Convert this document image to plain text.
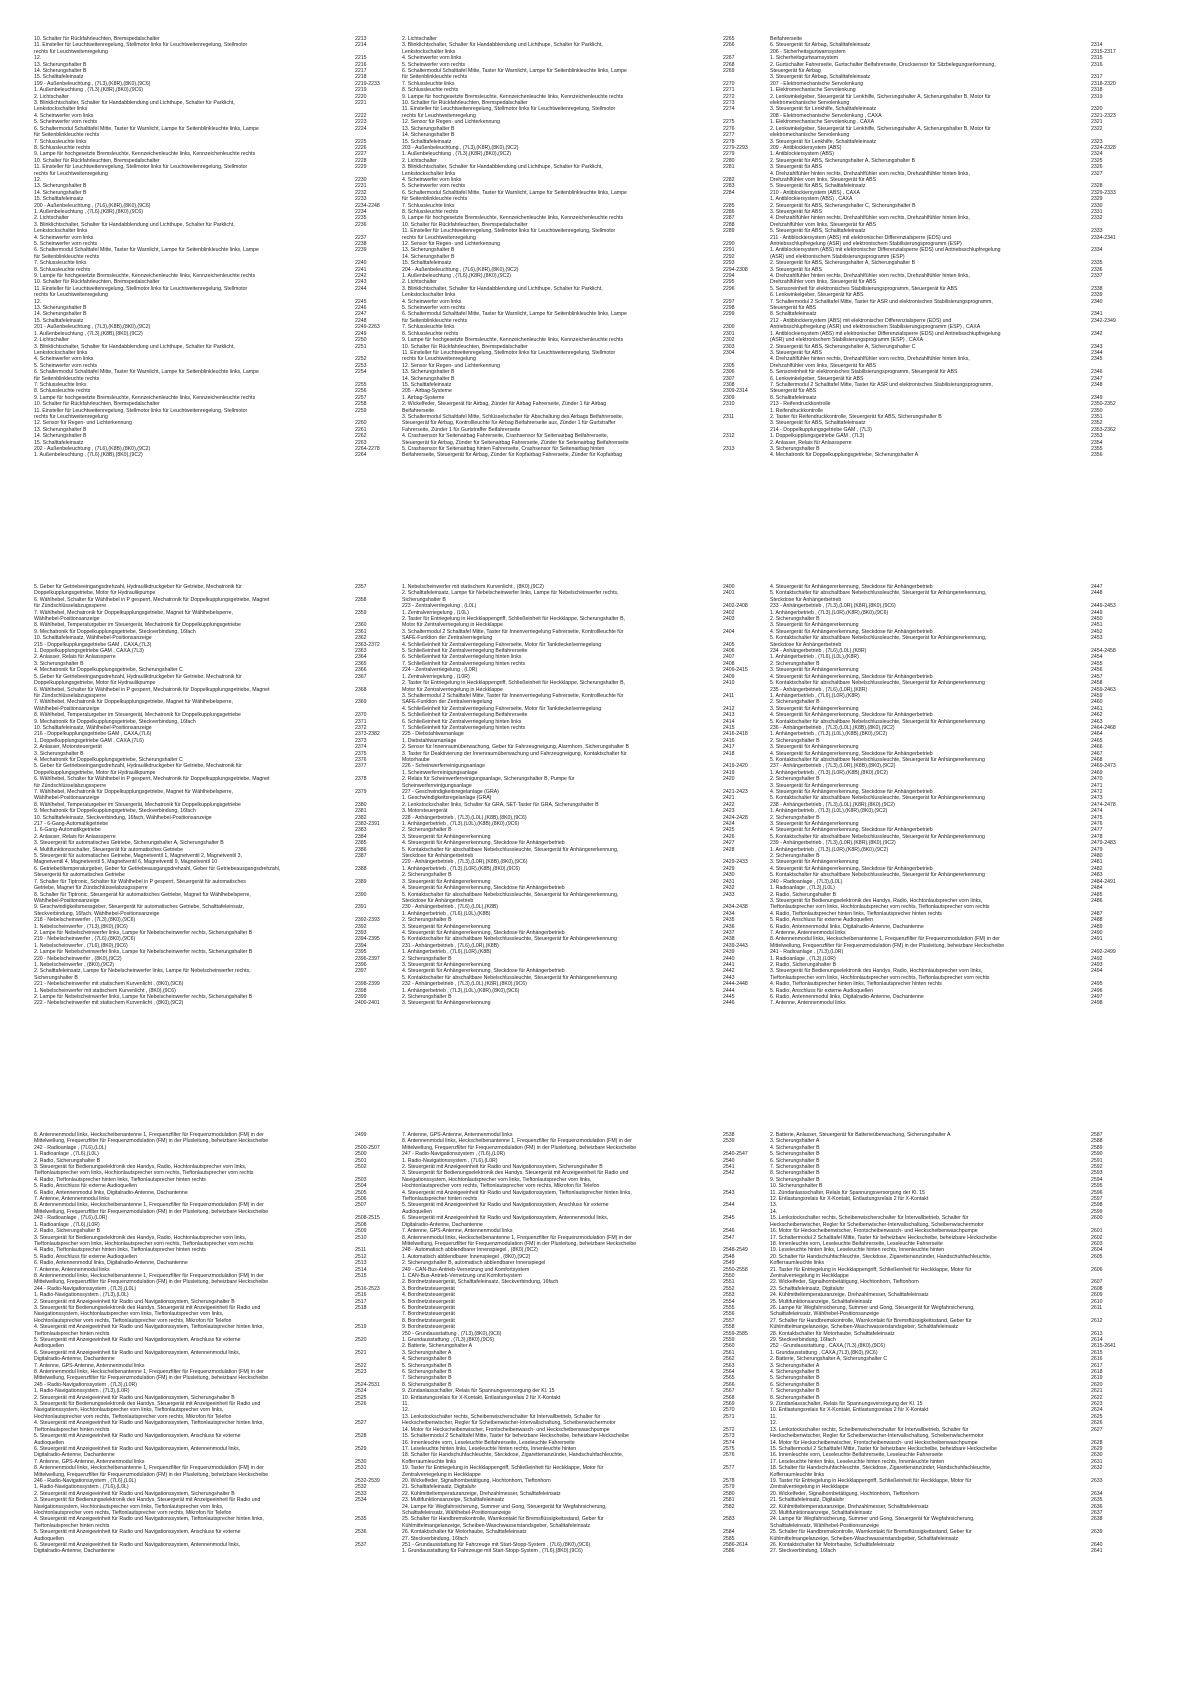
10. Schalter für Rückfahrleuchten, Bremspedalschalter	2213
11. Einsteller für Leuchtweitenregelung, Stellmotor links für Leuchtweitenregelung, Stellmotor	2214
rechts für Leuchtweitenregelung
12.	2215
13. Sicherungshalter B	2216
14. Sicherungshalter B	2217
15. Schalttafeleinsatz	2218
199 - Außenbeleuchtung , (7L3),(K8R),(8K0),(9C6)	2219-2233
1. Außenbeleuchtung , (7L3),(K8R),(8K0),(9C6)	2219
2. Lichtschalter	2220
3. Blinklichtschalter, Schalter für Handabblendung und Lichthupe, Schalter für Parklicht,	2221
Lenkstockschalter links
4. Scheinwerfer vorn links	2222
5. Scheinwerfer vorn rechts	2223
6. Schaltermodul Schalttafel Mitte, Taster für Warnlicht, Lampe für Seitenblinkleuchte links, Lampe	2224
für Seitenblinkleuchte rechts
7. Schlussleuchte links	2225
8. Schlussleuchte rechts	2226
9. Lampe für hochgesetzte Bremsleuchte, Kennzeichenleuchte links, Kennzeichenleuchte rechts	2227
10. Schalter für Rückfahrleuchten, Bremspedalschalter	2228
11. Einsteller für Leuchtweitenregelung, Stellmotor links für Leuchtweitenregelung, Stellmotor	2229
rechts für Leuchtweitenregelung
12.	2230
13. Sicherungshalter B	2231
14. Sicherungshalter B	2232
15. Schalttafeleinsatz	2233
200 - Außenbeleuchtung , (7L6),(K8R),(8K0),(9C6)	2234-2248
1. Außenbeleuchtung , (7L6),(K8R),(8K0),(9C6)	2234
2. Lichtschalter	2235
3. Blinklichtschalter, Schalter für Handabblendung und Lichthupe, Schalter für Parklicht,	2236
Lenkstockschalter links
4. Scheinwerfer vorn links	2237
5. Scheinwerfer vorn rechts	2238
6. Schaltermodul Schalttafel Mitte, Taster für Warnlicht, Lampe für Seitenblinkleuchte links, Lampe	2239
für Seitenblinkleuchte rechts
7. Schlussleuchte links	2240
8. Schlussleuchte rechts	2241
9. Lampe für hochgesetzte Bremsleuchte, Kennzeichenleuchte links, Kennzeichenleuchte rechts	2242
10. Schalter für Rückfahrleuchten, Bremspedalschalter	2243
11. Einsteller für Leuchtweitenregelung, Stellmotor links für Leuchtweitenregelung, Stellmotor	2244
rechts für Leuchtweitenregelung
12.	2245
13. Sicherungshalter B	2246
14. Sicherungshalter B	2247
15. Schalttafeleinsatz	2248
201 - Außenbeleuchtung , (7L3),(K8B),(8K0),(9C2)	2249-2263
1. Außenbeleuchtung , (7L3),(K8B),(8K0),(9C2)	2249
2. Lichtschalter	2250
3. Blinklichtschalter, Schalter für Handabblendung und Lichthupe, Schalter für Parklicht,	2251
Lenkstockschalter links
4. Scheinwerfer vorn links	2252
5. Scheinwerfer vorn rechts	2253
6. Schaltermodul Schalttafel Mitte, Taster für Warnlicht, Lampe für Seitenblinkleuchte links, Lampe	2254
für Seitenblinkleuchte rechts
7. Schlussleuchte links	2255
8. Schlussleuchte rechts	2256
9. Lampe für hochgesetzte Bremsleuchte, Kennzeichenleuchte links, Kennzeichenleuchte rechts	2257
10. Schalter für Rückfahrleuchten, Bremspedalschalter	2258
11. Einsteller für Leuchtweitenregelung, Stellmotor links für Leuchtweitenregelung, Stellmotor	2259
rechts für Leuchtweitenregelung
12. Sensor für Regen- und Lichterkennung	2260
13. Sicherungshalter B	2261
14. Sicherungshalter B	2262
15. Schalttafeleinsatz	2263
202 - Außenbeleuchtung , (7L6),(K8B),(8K0),(9C2)	2264-2278
1. Außenbeleuchtung , (7L6),(K8B),(8K0),(9C2)	2264
2. Lichtschalter	2265
3. Blinklichtschalter, Schalter für Handabblendung und Lichthupe, Schalter für Parklicht,	2266
Lenkstockschalter links
4. Scheinwerfer vorn links	2267
5. Scheinwerfer vorn rechts	2268
6. Schaltermodul Schalttafel Mitte, Taster für Warnlicht, Lampe für Seitenblinkleuchte links, Lampe	2269
für Seitenblinkleuchte rechts
7. Schlussleuchte links	2270
8. Schlussleuchte rechts	2271
9. Lampe für hochgesetzte Bremsleuchte, Kennzeichenleuchte links, Kennzeichenleuchte rechts	2272
10. Schalter für Rückfahrleuchten, Bremspedalschalter	2273
11. Einsteller für Leuchtweitenregelung, Stellmotor links für Leuchtweitenregelung, Stellmotor	2274
rechts für Leuchtweitenregelung
12. Sensor für Regen- und Lichterkennung	2275
13. Sicherungshalter B	2276
14. Sicherungshalter B	2277
15. Schalttafeleinsatz	2278
203 - Außenbeleuchtung , (7L3),(K8R),(8K0),(9C2)	2279-2293
1. Außenbeleuchtung , (7L3),(K8R),(8K0),(9C2)	2279
2. Lichtschalter	2280
3. Blinklichtschalter, Schalter für Handabblendung und Lichthupe, Schalter für Parklicht,	2281
Lenkstockschalter links
4. Scheinwerfer vorn links	2282
5. Scheinwerfer vorn rechts	2283
6. Schaltermodul Schalttafel Mitte, Taster für Warnlicht, Lampe für Seitenblinkleuchte links, Lampe	2284
für Seitenblinkleuchte rechts
7. Schlussleuchte links	2285
8. Schlussleuchte rechts	2286
9. Lampe für hochgesetzte Bremsleuchte, Kennzeichenleuchte links, Kennzeichenleuchte rechts	2287
10. Schalter für Rückfahrleuchten, Bremspedalschalter	2288
11. Einsteller für Leuchtweitenregelung, Stellmotor links für Leuchtweitenregelung, Stellmotor	2289
rechts für Leuchtweitenregelung
12. Sensor für Regen- und Lichterkennung	2290
13. Sicherungshalter B	2291
14. Sicherungshalter B	2292
15. Schalttafeleinsatz	2293
204 - Außenbeleuchtung , (7L6),(K8R),(8K0),(9C2)	2294-2308
1. Außenbeleuchtung , (7L6),(K8R),(8K0),(9C2)	2294
2. Lichtschalter	2295
3. Blinklichtschalter, Schalter für Handabblendung und Lichthupe, Schalter für Parklicht,	2296
Lenkstockschalter links
4. Scheinwerfer vorn links	2297
5. Scheinwerfer vorn rechts	2298
6. Schaltermodul Schalttafel Mitte, Taster für Warnlicht, Lampe für Seitenblinkleuchte links, Lampe	2299
für Seitenblinkleuchte rechts
7. Schlussleuchte links	2300
8. Schlussleuchte rechts	2301
9. Lampe für hochgesetzte Bremsleuchte, Kennzeichenleuchte links, Kennzeichenleuchte rechts	2302
10. Schalter für Rückfahrleuchten, Bremspedalschalter	2303
11. Einsteller für Leuchtweitenregelung, Stellmotor links für Leuchtweitenregelung, Stellmotor	2304
rechts für Leuchtweitenregelung
12. Sensor für Regen- und Lichterkennung	2305
13. Sicherungshalter B	2306
14. Sicherungshalter B	2307
15. Schalttafeleinsatz	2308
205 - Airbag-Systeme	2309-2314
1. Airbag-Systeme	2309
2. Wickelfeder, Steuergerät für Airbag, Zünder für Airbag Fahrerseite, Zünder 1 für Airbag	2310
Beifahrerseite
3. Schaltermodul Schalttafel Mitte, Schlüsselschalter für Abschaltung des Airbags Beifahrerseite,	2311
Steuergerät für Airbag, Kontrollleuchte für Airbag Beifahrerseite aus, Zünder 1 für Gurtstraffer
Fahrerseite, Zünder 1 für Gurtstraffer Beifahrerseite
4. Crashsensor für Seitenairbag Fahrerseite, Crashsensor für Seitenairbag Beifahrerseite,	2312
Steuergerät für Airbag, Zünder für Seitenairbag Fahrerseite, Zünder für Seitenairbag Beifahrerseite
5. Crashsensor für Seitenairbag hinten Fahrerseite, Crashsensor für Seitenairbag hinten	2313
Beifahrerseite, Steuergerät für Airbag, Zünder für Kopfairbag Fahrerseite, Zünder für Kopfairbag
Beifahrerseite
6. Steuergerät für Airbag, Schalttafeleinsatz	2314
206 - Sicherheitsgurtwarnsystem	2315-2317
1. Sicherheitsgurtwarnsystem	2315
2. Gurtschalter Fahrerseite, Gurtschalter Beifahrerseite, Drucksensor für Sitzbelegungserkennung,	2316
Steuergerät für Airbag
3. Steuergerät für Airbag, Schalttafeleinsatz	2317
207 - Elektromechanische Servolenkung	2318-2320
1. Elektromechanische Servolenkung	2318
2. Lenkwinkelgeber, Steuergerät für Lenkhilfe, Sicherungshalter A, Sicherungshalter B, Motor für	2319
elektromechanische Servolenkung
3. Steuergerät für Lenkhilfe, Schalttafeleinsatz	2320
208 - Elektromechanische Servolenkung , CAXA	2321-2323
1. Elektromechanische Servolenkung , CAXA	2321
2. Lenkwinkelgeber, Steuergerät für Lenkhilfe, Sicherungshalter A, Sicherungshalter B, Motor für	2322
elektromechanische Servolenkung
3. Steuergerät für Lenkhilfe, Schalttafeleinsatz	2323
209 - Antiblockiersystem (ABS)	2324-2328
1. Antiblockiersystem (ABS)	2324
2. Steuergerät für ABS, Sicherungshalter A, Sicherungshalter B	2325
3. Steuergerät für ABS	2326
4. Drehzahlfühler hinten rechts, Drehzahlfühler vorn rechts, Drehzahlfühler hinten links,	2327
Drehzahlfühler vorn links, Steuergerät für ABS
5. Steuergerät für ABS, Schalttafeleinsatz	2328
210 - Antiblockiersystem (ABS) , CAXA	2329-2333
1. Antiblockiersystem (ABS) , CAXA	2329
2. Steuergerät für ABS, Sicherungshalter C, Sicherungshalter B	2330
3. Steuergerät für ABS	2331
4. Drehzahlfühler hinten rechts, Drehzahlfühler vorn rechts, Drehzahlfühler hinten links,	2332
Drehzahlfühler vorn links, Steuergerät für ABS
5. Steuergerät für ABS, Schalttafeleinsatz	2333
211 - Antiblockiersystem (ABS) mit elektronischer Differenzialsperre (EDS) und	2334-2341
Antriebsschlupfregelung (ASR) und elektronischem Stabilisierungsprogramm (ESP)
1. Antiblockiersystem (ABS) mit elektronischer Differenzialsperre (EDS) und Antriebsschlupfregelung	2334
(ASR) und elektronischem Stabilisierungsprogramm (ESP)
2. Steuergerät für ABS, Sicherungshalter A, Sicherungshalter B	2335
3. Steuergerät für ABS	2336
4. Drehzahlfühler hinten rechts, Drehzahlfühler vorn rechts, Drehzahlfühler hinten links,	2337
Drehzahlfühler vorn links, Steuergerät für ABS
5. Sensoreinheit für elektronisches Stabilisierungsprogramm, Steuergerät für ABS	2338
6. Lenkwinkelgeber, Steuergerät für ABS	2339
7. Schaltermodul 2 Schalttafel Mitte, Taster für ASR und elektronisches Stabilisierungsprogramm,	2340
Steuergerät für ABS
8. Schalttafeleinsatz	2341
212 - Antiblockiersystem (ABS) mit elektronischer Differenzialsperre (EDS) und	2342-2349
Antriebsschlupfregelung (ASR) und elektronischem Stabilisierungsprogramm (ESP) , CAXA
1. Antiblockiersystem (ABS) mit elektronischer Differenzialsperre (EDS) und Antriebsschlupfregelung	2342
(ASR) und elektronischem Stabilisierungsprogramm (ESP) , CAXA
2. Steuergerät für ABS, Sicherungshalter A, Sicherungshalter C	2343
3. Steuergerät für ABS	2344
4. Drehzahlfühler hinten rechts, Drehzahlfühler vorn rechts, Drehzahlfühler hinten links,	2345
Drehzahlfühler vorn links, Steuergerät für ABS
5. Sensoreinheit für elektronisches Stabilisierungsprogramm, Steuergerät für ABS	2346
6. Lenkwinkelgeber, Steuergerät für ABS	2347
7. Schaltermodul 2 Schalttafel Mitte, Taster für ASR und elektronisches Stabilisierungsprogramm,	2348
Steuergerät für ABS
8. Schalttafeleinsatz	2349
213 - Reifendruckkontrolle	2350-2352
1. Reifendruckkontrolle	2350
2. Taster für Reifendruckkontrolle, Steuergerät für ABS, Sicherungshalter B	2351
3. Steuergerät für ABS, Schalttafeleinsatz	2352
214 - Doppelkupplungsgetriebe GAM , (7L3)	2353-2362
1. Doppelkupplungsgetriebe GAM , (7L3)	2353
2. Anlasser, Relais für Anlasssperre	2354
3. Sicherungshalter B	2355
4. Mechatronik für Doppelkupplungsgetriebe, Sicherungshalter A	2356
5. Geber für Getriebeeingangsdrehzahl, Hydraulikdruckgeber für Getriebe, Mechatronik für	2357
Doppelkupplungsgetriebe, Motor für Hydraulikpumpe
6. Wählhebel, Schalter für Wählhebel in P gesperrt, Mechatronik für Doppelkupplungsgetriebe, Magnet	2358
für Zündschlüsselabzugssperre
7. Wählhebel, Mechatronik für Doppelkupplungsgetriebe, Magnet für Wählhebelsperre,	2359
Wählhebel-Positionsanzeige
8. Wählhebel, Temperaturgeber im Steuergerät, Mechatronik für Doppelkupplungsgetriebe	2360
9. Mechatronik für Doppelkupplungsgetriebe, Steckverbindung, 16fach	2361
10. Schalttafeleinsatz, Wählhebel-Positionsanzeige	2362
215 - Doppelkupplungsgetriebe GAM , CAXA,(7L3)	2363-2372
1. Doppelkupplungsgetriebe GAM , CAXA,(7L3)	2363
2. Anlasser, Relais für Anlasssperre	2364
3. Sicherungshalter B	2365
4. Mechatronik für Doppelkupplungsgetriebe, Sicherungshalter C	2366
5. Geber für Getriebeeingangsdrehzahl, Hydraulikdruckgeber für Getriebe, Mechatronik für	2367
Doppelkupplungsgetriebe, Motor für Hydraulikpumpe
6. Wählhebel, Schalter für Wählhebel in P gesperrt, Mechatronik für Doppelkupplungsgetriebe, Magnet	2368
für Zündschlüsselabzugssperre
7. Wählhebel, Mechatronik für Doppelkupplungsgetriebe, Magnet für Wählhebelsperre,	2369
Wählhebel-Positionsanzeige
8. Wählhebel, Temperaturgeber im Steuergerät, Mechatronik für Doppelkupplungsgetriebe	2370
9. Mechatronik für Doppelkupplungsgetriebe, Steckverbindung, 16fach	2371
10. Schalttafeleinsatz, Wählhebel-Positionsanzeige	2372
216 - Doppelkupplungsgetriebe GAM , CAXA,(7L6)	2373-2382
1. Doppelkupplungsgetriebe GAM , CAXA,(7L6)	2373
2. Anlasser, Motorsteuergerät	2374
3. Sicherungshalter B	2375
4. Mechatronik für Doppelkupplungsgetriebe, Sicherungshalter C	2376
5. Geber für Getriebeeingangsdrehzahl, Hydraulikdruckgeber für Getriebe, Mechatronik für	2377
Doppelkupplungsgetriebe, Motor für Hydraulikpumpe
6. Wählhebel, Schalter für Wählhebel in P gesperrt, Mechatronik für Doppelkupplungsgetriebe, Magnet	2378
für Zündschlüsselabzugssperre
7. Wählhebel, Mechatronik für Doppelkupplungsgetriebe, Magnet für Wählhebelsperre,	2379
Wählhebel-Positionsanzeige
8. Wählhebel, Temperaturgeber im Steuergerät, Mechatronik für Doppelkupplungsgetriebe	2380
9. Mechatronik für Doppelkupplungsgetriebe, Steckverbindung, 16fach	2381
10. Schalttafeleinsatz, Steckverbindung, 16fach, Wählhebel-Positionsanzeige	2382
217 - 6-Gang-Automatikgetriebe	2383-2391
1. 6-Gang-Automatikgetriebe	2383
2. Anlasser, Relais für Anlasssperre	2384
3. Steuergerät für automatisches Getriebe, Sicherungshalter A, Sicherungshalter B	2385
4. Multifunktionsschalter, Steuergerät für automatisches Getriebe	2386
5. Steuergerät für automatisches Getriebe, Magnetventil 1, Magnetventil 2, Magnetventil 3,	2387
Magnetventil 4, Magnetventil 5, Magnetventil 6, Magnetventil 9, Magnetventil 10
6. Getriebeöltemperaturgeber, Geber für Getriebeausgangsdrehzahl, Geber für Getriebeausgangsdrehzahl,	2388
Steuergerät für automatisches Getriebe
7. Schalter für Tiptronic, Schalter für Wählhebel in P gesperrt, Steuergerät für automatisches	2389
Getriebe, Magnet für Zündschlüsselabzugssperre
8. Schalter für Tiptronic, Steuergerät für automatisches Getriebe, Magnet für Wählhebelsperre,	2390
Wählhebel-Positionsanzeige
9. Geschwindigkeitsmessgeber, Steuergerät für automatisches Getriebe, Schalttafeleinsatz,	2391
Steckverbindung, 16fach, Wählhebel-Positionsanzeige
218 - Nebelscheinwerfer , (7L3),(8K0),(9C6)	2392-2393
1. Nebelscheinwerfer , (7L3),(8K0),(9C6)	2392
2. Lampe für Nebelscheinwerfer links, Lampe für Nebelscheinwerfer rechts, Sicherungshalter B	2393
219 - Nebelscheinwerfer , (7L6),(8K0),(9C6)	2394-2395
1. Nebelscheinwerfer , (7L6),(8K0),(9C6)	2394
2. Lampe für Nebelscheinwerfer links, Lampe für Nebelscheinwerfer rechts, Sicherungshalter B	2395
220 - Nebelscheinwerfer , (8K0),(9C2)	2396-2397
1. Nebelscheinwerfer , (8K0),(9C2)	2396
2. Schalttafeleinsatz, Lampe für Nebelscheinwerfer links, Lampe für Nebelscheinwerfer rechts,	2397
Sicherungshalter B
221 - Nebelscheinwerfer mit statischem Kurvenlicht , (8K0),(9C6)	2398-2399
1. Nebelscheinwerfer mit statischem Kurvenlicht , (8K0),(9C6)	2398
2. Lampe für Nebelscheinwerfer links, Lampe für Nebelscheinwerfer rechts, Sicherungshalter B	2399
222 - Nebelscheinwerfer mit statischem Kurvenlicht , (8K0),(9C2)	2400-2401
1. Nebelscheinwerfer mit statischem Kurvenlicht , (8K0),(9C2)	2400
2. Schalttafeleinsatz, Lampe für Nebelscheinwerfer links, Lampe für Nebelscheinwerfer rechts,	2401
Sicherungshalter B
223 - Zentralverriegelung , (L0L)	2402-2408
1. Zentralverriegelung , (L0L)	2402
2. Taster für Entriegelung in Heckklappengriff, Schließeinheit für Heckklappe, Sicherungshalter B,	2403
Motor für Zentralverriegelung in Heckklappe
3. Schaltermodul 2 Schalttafel Mitte, Taster für Innenverriegelung Fahrerseite, Kontrollleuchte für	2404
SAFE-Funktion der Zentralverriegelung
4. Schließeinheit für Zentralverriegelung Fahrerseite, Motor für Tankdeckelverriegelung	2405
5. Schließeinheit für Zentralverriegelung Beifahrerseite	2406
6. Schließeinheit für Zentralverriegelung hinten links	2407
7. Schließeinheit für Zentralverriegelung hinten rechts	2408
224 - Zentralverriegelung , (L0R)	2409-2415
1. Zentralverriegelung , (L0R)	2409
2. Taster für Entriegelung in Heckklappengriff, Schließeinheit für Heckklappe, Sicherungshalter B,	2410
Motor für Zentralverriegelung in Heckklappe
3. Schaltermodul 2 Schalttafel Mitte, Taster für Innenverriegelung Fahrerseite, Kontrollleuchte für	2411
SAFE-Funktion der Zentralverriegelung
4. Schließeinheit für Zentralverriegelung Fahrerseite, Motor für Tankdeckelverriegelung	2412
5. Schließeinheit für Zentralverriegelung Beifahrerseite	2413
6. Schließeinheit für Zentralverriegelung hinten links	2414
7. Schließeinheit für Zentralverriegelung hinten rechts	2415
225 - Diebstahlwarnanlage	2416-2418
1. Diebstahlwarnanlage	2416
2. Sensor für Innenraumüberwachung, Geber für Fahrzeugneigung, Alarmhorn, Sicherungshalter B	2417
3. Taster für Deaktivierung der Innenraumüberwachung und Fahrzeugneigung, Kontaktschalter für	2418
Motorhaube
226 - Scheinwerferreinigungsanlage	2419-2420
1. Scheinwerferreinigungsanlage	2419
2. Relais für Scheinwerferreinigungsanlage, Sicherungshalter B, Pumpe für	2420
Scheinwerferreinigungsanlage
227 - Geschwindigkeitsregelanlage (GRA)	2421-2423
1. Geschwindigkeitsregelanlage (GRA)	2421
2. Lenkstockschalter links, Schalter für GRA, SET-Taster für GRA, Sicherungshalter B	2422
3. Motorsteuergerät	2423
228 - Anhängerbetrieb , (7L3),(L0L),(K8B),(8K0),(9C6)	2424-2428
1. Anhängerbetrieb , (7L3),(L0L),(K8B),(8K0),(9C6)	2424
2. Sicherungshalter B	2425
3. Steuergerät für Anhängererkennung	2426
4. Steuergerät für Anhängererkennung, Steckdose für Anhängerbetrieb	2427
5. Kontaktschalter für abschaltbare Nebelschlussleuchte, Steuergerät für Anhängererkennung,	2428
Steckdose für Anhängerbetrieb
229 - Anhängerbetrieb , (7L3),(L0R),(K8B),(8K0),(9C6)	2429-2433
1. Anhängerbetrieb , (7L3),(L0R),(K8B),(8K0),(9C6)	2429
2. Sicherungshalter B	2430
3. Steuergerät für Anhängererkennung	2431
4. Steuergerät für Anhängererkennung, Steckdose für Anhängerbetrieb	2432
5. Kontaktschalter für abschaltbare Nebelschlussleuchte, Steuergerät für Anhängererkennung,	2433
Steckdose für Anhängerbetrieb
230 - Anhängerbetrieb , (7L6),(L0L),(K8B)	2434-2438
1. Anhängerbetrieb , (7L6),(L0L),(K8B)	2434
2. Sicherungshalter B	2435
3. Steuergerät für Anhängererkennung	2436
4. Steuergerät für Anhängererkennung, Steckdose für Anhängerbetrieb	2437
5. Kontaktschalter für abschaltbare Nebelschlussleuchte, Steuergerät für Anhängererkennung	2438
231 - Anhängerbetrieb , (7L6),(L0R),(K8B)	2439-2443
1. Anhängerbetrieb , (7L6),(L0R),(K8B)	2439
2. Sicherungshalter B	2440
3. Steuergerät für Anhängererkennung	2441
4. Steuergerät für Anhängererkennung, Steckdose für Anhängerbetrieb	2442
5. Kontaktschalter für abschaltbare Nebelschlussleuchte, Steuergerät für Anhängererkennung	2443
232 - Anhängerbetrieb , (7L3),(L0L),(K8R),(8K0),(9C6)	2444-2448
1. Anhängerbetrieb , (7L3),(L0L),(K8R),(8K0),(9C6)	2444
2. Sicherungshalter B	2445
3. Steuergerät für Anhängererkennung	2446
4. Steuergerät für Anhängererkennung, Steckdose für Anhängerbetrieb	2447
5. Kontaktschalter für abschaltbare Nebelschlussleuchte, Steuergerät für Anhängererkennung,	2448
Steckdose für Anhängerbetrieb
233 - Anhängerbetrieb , (7L3),(L0R),(K8R),(8K0),(9C6)	2449-2453
1. Anhängerbetrieb , (7L3),(L0R),(K8R),(8K0),(9C6)	2449
2. Sicherungshalter B	2450
3. Steuergerät für Anhängererkennung	2451
4. Steuergerät für Anhängererkennung, Steckdose für Anhängerbetrieb	2452
5. Kontaktschalter für abschaltbare Nebelschlussleuchte, Steuergerät für Anhängererkennung,	2453
Steckdose für Anhängerbetrieb
234 - Anhängerbetrieb , (7L6),(L0L),(K8R)	2454-2458
1. Anhängerbetrieb , (7L6),(L0L),(K8R)	2454
2. Sicherungshalter B	2455
3. Steuergerät für Anhängererkennung	2456
4. Steuergerät für Anhängererkennung, Steckdose für Anhängerbetrieb	2457
5. Kontaktschalter für abschaltbare Nebelschlussleuchte, Steuergerät für Anhängererkennung	2458
235 - Anhängerbetrieb , (7L6),(L0R),(K8R)	2459-2463
1. Anhängerbetrieb , (7L6),(L0R),(K8R)	2459
2. Sicherungshalter B	2460
3. Steuergerät für Anhängererkennung	2461
4. Steuergerät für Anhängererkennung, Steckdose für Anhängerbetrieb	2462
5. Kontaktschalter für abschaltbare Nebelschlussleuchte, Steuergerät für Anhängererkennung	2463
236 - Anhängerbetrieb , (7L3),(L0L),(K8B),(8K0),(9C2)	2464-2468
1. Anhängerbetrieb , (7L3),(L0L),(K8B),(8K0),(9C2)	2464
2. Sicherungshalter B	2465
3. Steuergerät für Anhängererkennung	2466
4. Steuergerät für Anhängererkennung, Steckdose für Anhängerbetrieb	2467
5. Kontaktschalter für abschaltbare Nebelschlussleuchte, Steuergerät für Anhängererkennung	2468
237 - Anhängerbetrieb , (7L3),(L0R),(K8B),(8K0),(9C2)	2469-2473
1. Anhängerbetrieb , (7L3),(L0R),(K8B),(8K0),(9C2)	2469
2. Sicherungshalter B	2470
3. Steuergerät für Anhängererkennung	2471
4. Steuergerät für Anhängererkennung, Steckdose für Anhängerbetrieb	2472
5. Kontaktschalter für abschaltbare Nebelschlussleuchte, Steuergerät für Anhängererkennung	2473
238 - Anhängerbetrieb , (7L3),(L0L),(K8R),(8K0),(9C2)	2474-2478
1. Anhängerbetrieb , (7L3),(L0L),(K8R),(8K0),(9C2)	2474
2. Sicherungshalter B	2475
3. Steuergerät für Anhängererkennung	2476
4. Steuergerät für Anhängererkennung, Steckdose für Anhängerbetrieb	2477
5. Kontaktschalter für abschaltbare Nebelschlussleuchte, Steuergerät für Anhängererkennung	2478
239 - Anhängerbetrieb , (7L3),(L0R),(K8R),(8K0),(9C2)	2479-2483
1. Anhängerbetrieb , (7L3),(L0R),(K8R),(8K0),(9C2)	2479
2. Sicherungshalter B	2480
3. Steuergerät für Anhängererkennung	2481
4. Steuergerät für Anhängererkennung, Steckdose für Anhängerbetrieb	2482
5. Kontaktschalter für abschaltbare Nebelschlussleuchte, Steuergerät für Anhängererkennung	2483
240 - Radioanlage , (7L3),(L0L)	2484-2491
1. Radioanlage , (7L3),(L0L)	2484
2. Radio, Sicherungshalter B	2485
3. Steuergerät für Bedienungselektronik des Handys, Radio, Hochtonlautsprecher vorn links,	2486
Tieftonlautsprecher vorn links, Hochtonlautsprecher vorn rechts, Tieftonlautsprecher vorn rechts
4. Radio, Tieftonlautsprecher hinten links, Tieftonlautsprecher hinten rechts	2487
5. Radio, Anschluss für externe Audioquellen	2488
6. Radio, Antennenmodul links, Digitalradio-Antenne, Dachantenne	2489
7. Antenne, Antennenmodul links	2490
8. Antennenmodul links, Heckscheibenantenne 1, Frequenzfilter für Frequenzmodulation (FM) in der	2491
Mittelwellung, Frequenzfilter für Frequenzmodulation (FM) in der Plusleitung, beheizbare Heckscheibe
241 - Radioanlage , (7L3),(L0R)	2492-2499
1. Radioanlage , (7L3),(L0R)	2492
2. Radio, Sicherungshalter B	2493
3. Steuergerät für Bedienungselektronik des Handys, Radio, Hochtonlautsprecher vorn links,	2494
Tieftonlautsprecher vorn links, Hochtonlautsprecher vorn rechts, Tieftonlautsprecher vorn rechts
4. Radio, Tieftonlautsprecher hinten links, Tieftonlautsprecher hinten rechts	2495
5. Radio, Anschluss für externe Audioquellen	2496
6. Radio, Antennenmodul links, Digitalradio-Antenne, Dachantenne	2497
7. Antenne, Antennenmodul links	2498
8. Antennenmodul links, Heckscheibenantenne 1, Frequenzfilter für Frequenzmodulation (FM) in der	2499
Mittelwellung, Frequenzfilter für Frequenzmodulation (FM) in der Plusleitung, beheizbare Heckscheibe
242 - Radioanlage , (7L6),(L0L)	2500-2507
1. Radioanlage , (7L6),(L0L)	2500
2. Radio, Sicherungshalter B	2501
3. Steuergerät für Bedienungselektronik des Handys, Radio, Hochtonlautsprecher vorn links,	2502
Tieftonlautsprecher vorn links, Hochtonlautsprecher vorn rechts, Tieftonlautsprecher vorn rechts
4. Radio, Tieftonlautsprecher hinten links, Tieftonlautsprecher hinten rechts	2503
5. Radio, Anschluss für externe Audioquellen	2504
6. Radio, Antennenmodul links, Digitalradio-Antenne, Dachantenne	2505
7. Antenne, Antennenmodul links	2506
8. Antennenmodul links, Heckscheibenantenne 1, Frequenzfilter für Frequenzmodulation (FM) in der	2507
Mittelwellung, Frequenzfilter für Frequenzmodulation (FM) in der Plusleitung, beheizbare Heckscheibe
243 - Radioanlage , (7L6),(L0R)	2508-2515
1. Radioanlage , (7L6),(L0R)	2508
2. Radio, Sicherungshalter B	2509
3. Steuergerät für Bedienungselektronik des Handys, Radio, Hochtonlautsprecher vorn links,	2510
Tieftonlautsprecher vorn links, Hochtonlautsprecher vorn rechts, Tieftonlautsprecher vorn rechts
4. Radio, Tieftonlautsprecher hinten links, Tieftonlautsprecher hinten rechts	2511
5. Radio, Anschluss für externe Audioquellen	2512
6. Radio, Antennenmodul links, Digitalradio-Antenne, Dachantenne	2513
7. Antenne, Antennenmodul links	2514
8. Antennenmodul links, Heckscheibenantenne 1, Frequenzfilter für Frequenzmodulation (FM) in der	2515
Mittelwellung, Frequenzfilter für Frequenzmodulation (FM) in der Plusleitung, beheizbare Heckscheibe
244 - Radio-Navigationssystem , (7L3),(L0L)	2516-2523
1. Radio-Navigationssystem , (7L3),(L0L)	2516
2. Steuergerät mit Anzeigeeinheit für Radio und Navigationssystem, Sicherungshalter B	2517
3. Steuergerät für Bedienungselektronik des Handys, Steuergerät mit Anzeigeeinheit für Radio und	2518
Navigationssystem, Hochtonlautsprecher vorn links, Tieftonlautsprecher vorn links,
Hochtonlautsprecher vorn rechts, Tieftonlautsprecher vorn rechts, Mikrofon für Telefon
4. Steuergerät mit Anzeigeeinheit für Radio und Navigationssystem, Tieftonlautsprecher hinten links,	2519
Tieftonlautsprecher hinten rechts
5. Steuergerät mit Anzeigeeinheit für Radio und Navigationssystem, Anschluss für externe	2520
Audioquellen
6. Steuergerät mit Anzeigeeinheit für Radio und Navigationssystem, Antennenmodul links,	2521
Digitalradio-Antenne, Dachantenne
7. Antenne, GPS-Antenne, Antennenmodul links	2522
8. Antennenmodul links, Heckscheibenantenne 1, Frequenzfilter für Frequenzmodulation (FM) in der	2523
Mittelwellung, Frequenzfilter für Frequenzmodulation (FM) in der Plusleitung, beheizbare Heckscheibe
245 - Radio-Navigationssystem , (7L3),(L0R)	2524-2531
1. Radio-Navigationssystem , (7L3),(L0R)	2524
2. Steuergerät mit Anzeigeeinheit für Radio und Navigationssystem, Sicherungshalter B	2525
3. Steuergerät für Bedienungselektronik des Handys, Steuergerät mit Anzeigeeinheit für Radio und	2526
Navigationssystem, Hochtonlautsprecher vorn links, Tieftonlautsprecher vorn links,
Hochtonlautsprecher vorn rechts, Tieftonlautsprecher vorn rechts, Mikrofon für Telefon
4. Steuergerät mit Anzeigeeinheit für Radio und Navigationssystem, Tieftonlautsprecher hinten links,	2527
Tieftonlautsprecher hinten rechts
5. Steuergerät mit Anzeigeeinheit für Radio und Navigationssystem, Anschluss für externe	2528
Audioquellen
6. Steuergerät mit Anzeigeeinheit für Radio und Navigationssystem, Antennenmodul links,	2529
Digitalradio-Antenne, Dachantenne
7. Antenne, GPS-Antenne, Antennenmodul links	2530
8. Antennenmodul links, Heckscheibenantenne 1, Frequenzfilter für Frequenzmodulation (FM) in der	2531
Mittelwellung, Frequenzfilter für Frequenzmodulation (FM) in der Plusleitung, beheizbare Heckscheibe
246 - Radio-Navigationssystem , (7L6),(L0L)	2532-2539
1. Radio-Navigationssystem , (7L6),(L0L)	2532
2. Steuergerät mit Anzeigeeinheit für Radio und Navigationssystem, Sicherungshalter B	2533
3. Steuergerät für Bedienungselektronik des Handys, Steuergerät mit Anzeigeeinheit für Radio und	2534
Navigationssystem, Hochtonlautsprecher vorn links, Tieftonlautsprecher vorn links,
Hochtonlautsprecher vorn rechts, Tieftonlautsprecher vorn rechts, Mikrofon für Telefon
4. Steuergerät mit Anzeigeeinheit für Radio und Navigationssystem, Tieftonlautsprecher hinten links,	2535
Tieftonlautsprecher hinten rechts
5. Steuergerät mit Anzeigeeinheit für Radio und Navigationssystem, Anschluss für externe	2536
Audioquellen
6. Steuergerät mit Anzeigeeinheit für Radio und Navigationssystem, Antennenmodul links,	2537
Digitalradio-Antenne, Dachantenne
7. Antenne, GPS-Antenne, Antennenmodul links	2538
8. Antennenmodul links, Heckscheibenantenne 1, Frequenzfilter für Frequenzmodulation (FM) in der	2539
Mittelwellung, Frequenzfilter für Frequenzmodulation (FM) in der Plusleitung, beheizbare Heckscheibe
247 - Radio-Navigationssystem , (7L6),(L0R)	2540-2547
1. Radio-Navigationssystem , (7L6),(L0R)	2540
2. Steuergerät mit Anzeigeeinheit für Radio und Navigationssystem, Sicherungshalter B	2541
3. Steuergerät für Bedienungselektronik des Handys, Steuergerät mit Anzeigeeinheit für Radio und	2542
Navigationssystem, Hochtonlautsprecher vorn links, Tieftonlautsprecher vorn links,
Hochtonlautsprecher vorn rechts, Tieftonlautsprecher vorn rechts, Mikrofon für Telefon
4. Steuergerät mit Anzeigeeinheit für Radio und Navigationssystem, Tieftonlautsprecher hinten links,	2543
Tieftonlautsprecher hinten rechts
5. Steuergerät mit Anzeigeeinheit für Radio und Navigationssystem, Anschluss für externe	2544
Audioquellen
6. Steuergerät mit Anzeigeeinheit für Radio und Navigationssystem, Antennenmodul links,	2545
Digitalradio-Antenne, Dachantenne
7. Antenne, GPS-Antenne, Antennenmodul links	2546
8. Antennenmodul links, Heckscheibenantenne 1, Frequenzfilter für Frequenzmodulation (FM) in der	2547
Mittelwellung, Frequenzfilter für Frequenzmodulation (FM) in der Plusleitung, beheizbare Heckscheibe
248 - Automatisch abblendbarer Innenspiegel , (8K0),(9C2)	2548-2549
1. Automatisch abblendbarer Innenspiegel , (8K0),(9C2)	2548
2. Sicherungshalter B, automatisch abblendbarer Innenspiegel	2549
249 - CAN-Bus-Antrieb-Vernetzung und Komfortsystem	2550-2558
1. CAN-Bus-Antrieb-Vernetzung und Komfortsystem	2550
2. Bordnetzsteuergerät, Schalttafeleinsatz, Steckverbindung, 16fach	2551
3. Bordnetzsteuergerät	2552
4. Bordnetzsteuergerät	2553
5. Bordnetzsteuergerät	2554
6. Bordnetzsteuergerät	2555
7. Bordnetzsteuergerät	2556
8. Bordnetzsteuergerät	2557
9. Bordnetzsteuergerät	2558
250 - Grundausstattung , (7L3),(8K0),(9C6)	2559-2585
1. Grundausstattung , (7L3),(8K0),(9C6)	2559
2. Batterie, Sicherungshalter A	2560
3. Sicherungshalter A	2561
4. Sicherungshalter B	2562
5. Sicherungshalter B	2563
6. Sicherungshalter B	2564
7. Sicherungshalter B	2565
8. Sicherungshalter B	2566
9. Zündanlassschalter, Relais für Spannungsversorgung der Kl. 15	2567
10. Entlastungsrelais für X-Kontakt, Entlastungsrelais 2 für X-Kontakt	2568
11.	2569
12.	2570
13. Lenkstockschalter rechts, Scheibenwischerschalter für Intervallbetrieb, Schalter für	2571
Heckscheibenwischer, Regler für Scheibenwischer-Intervallschaltung, Scheibenwischermotor
14. Motor für Heckscheibenwischer, Frontscheibenwasch- und Heckscheibenwaschpumpe	2572
15. Schaltermodul 2 Schalttafel Mitte, Taster für beheizbare Heckscheibe, beheizbare Heckscheibe	2573
16. Innenleuchte vorn, Leseleuchte Beifahrerseite, Leseleuchte Fahrerseite	2574
17. Leseleuchte hinten links, Leseleuchte hinten rechts, Innenleuchte hinten	2575
18. Schalter für Handschuhfachleuchte, Steckdose, Zigarettenanzünder, Handschuhfachleuchte,	2576
Kofferraumleuchte links
19. Taster für Entriegelung in Heckklappengriff, Schließeinheit für Heckklappe, Motor für	2577
Zentralverriegelung in Heckklappe
20. Wickelfeder, Signalhornbetätigung, Hochtonhorn, Tieftonhorn	2578
21. Schalttafeleinsatz, Digitaluhr	2579
22. Kühlmitteltemperaturanzeige, Drehzahlmesser, Schalttafeleinsatz	2580
23. Multifunktionsanzeige, Schalttafeleinsatz	2581
24. Lampe für Wegfahrsicherung, Summer und Gong, Steuergerät für Wegfahrsicherung,	2582
Schalttafeleinsatz, Wählhebel-Positionsanzeige
25. Schalter für Handbremskontrolle, Warnkontakt für Bremsflüssigkeitsstand, Geber für	2583
Kühlmittelmangelanzeige, Scheiben-Waschwasserstandsgeber, Schalttafeleinsatz
26. Kontaktschalter für Motorhaube, Schalttafeleinsatz	2584
27. Steckverbindung, 16fach	2585
251 - Grundausstattung für Fahrzeuge mit Start-Stopp-System , (7L6),(8K0),(9C6)	2586-2614
1. Grundausstattung für Fahrzeuge mit Start-Stopp-System , (7L6),(8K0),(9C6)	2586
2. Batterie, Anlasser, Steuergerät für Batterieüberwachung, Sicherungshalter A	2587
3. Sicherungshalter A	2588
4. Sicherungshalter B	2589
5. Sicherungshalter B	2590
6. Sicherungshalter B	2591
7. Sicherungshalter B	2592
8. Sicherungshalter B	2593
9. Sicherungshalter B	2594
10. Sicherungshalter B	2595
11. Zündanlassschalter, Relais für Spannungsversorgung der Kl. 15	2596
12. Entlastungsrelais für X-Kontakt, Entlastungsrelais 2 für X-Kontakt	2597
13.	2598
14.	2599
15. Lenkstockschalter rechts, Scheibenwischerschalter für Intervallbetrieb, Schalter für	2600
Heckscheibenwischer, Regler für Scheibenwischer-Intervallschaltung, Scheibenwischermotor
16. Motor für Heckscheibenwischer, Frontscheibenwasch- und Heckscheibenwaschpumpe	2601
17. Schaltermodul 2 Schalttafel Mitte, Taster für beheizbare Heckscheibe, beheizbare Heckscheibe	2602
18. Innenleuchte vorn, Leseleuchte Beifahrerseite, Leseleuchte Fahrerseite	2603
19. Leseleuchte hinten links, Leseleuchte hinten rechts, Innenleuchte hinten	2604
20. Schalter für Handschuhfachleuchte, Steckdose, Zigarettenanzünder, Handschuhfachleuchte,	2605
Kofferraumleuchte links
21. Taster für Entriegelung in Heckklappengriff, Schließeinheit für Heckklappe, Motor für	2606
Zentralverriegelung in Heckklappe
22. Wickelfeder, Signalhornbetätigung, Hochtonhorn, Tieftonhorn	2607
23. Schalttafeleinsatz, Digitaluhr	2608
24. Kühlmitteltemperaturanzeige, Drehzahlmesser, Schalttafeleinsatz	2609
25. Multifunktionsanzeige, Schalttafeleinsatz	2610
26. Lampe für Wegfahrsicherung, Summer und Gong, Steuergerät für Wegfahrsicherung,	2611
Schalttafeleinsatz, Wählhebel-Positionsanzeige
27. Schalter für Handbremskontrolle, Warnkontakt für Bremsflüssigkeitsstand, Geber für	2612
Kühlmittelmangelanzeige, Scheiben-Waschwasserstandsgeber, Schalttafeleinsatz
28. Kontaktschalter für Motorhaube, Schalttafeleinsatz	2613
29. Steckverbindung, 16fach	2614
252 - Grundausstattung , CAXA,(7L3),(8K0),(9C6)	2615-2641
1. Grundausstattung , CAXA,(7L3),(8K0),(9C6)	2615
2. Batterie, Sicherungshalter A, Sicherungshalter C	2616
3. Sicherungshalter A	2617
4. Sicherungshalter B	2618
5. Sicherungshalter B	2619
6. Sicherungshalter B	2620
7. Sicherungshalter B	2621
8. Sicherungshalter B	2622
9. Zündanlassschalter, Relais für Spannungsversorgung der Kl. 15	2623
10. Entlastungsrelais für X-Kontakt, Entlastungsrelais 2 für X-Kontakt	2624
11.	2625
12.	2626
13. Lenkstockschalter rechts, Scheibenwischerschalter für Intervallbetrieb, Schalter für	2627
Heckscheibenwischer, Regler für Scheibenwischer-Intervallschaltung, Scheibenwischermotor
14. Motor für Heckscheibenwischer, Frontscheibenwasch- und Heckscheibenwaschpumpe	2628
15. Schaltermodul 2 Schalttafel Mitte, Taster für beheizbare Heckscheibe, beheizbare Heckscheibe	2629
16. Innenleuchte vorn, Leseleuchte Beifahrerseite, Leseleuchte Fahrerseite	2630
17. Leseleuchte hinten links, Leseleuchte hinten rechts, Innenleuchte hinten	2631
18. Schalter für Handschuhfachleuchte, Steckdose, Zigarettenanzünder, Handschuhfachleuchte,	2632
Kofferraumleuchte links
19. Taster für Entriegelung in Heckklappengriff, Schließeinheit für Heckklappe, Motor für	2633
Zentralverriegelung in Heckklappe
20. Wickelfeder, Signalhornbetätigung, Hochtonhorn, Tieftonhorn	2634
21. Schalttafeleinsatz, Digitaluhr	2635
22. Kühlmitteltemperaturanzeige, Drehzahlmesser, Schalttafeleinsatz	2636
23. Multifunktionsanzeige, Schalttafeleinsatz	2637
24. Lampe für Wegfahrsicherung, Summer und Gong, Steuergerät für Wegfahrsicherung,	2638
Schalttafeleinsatz, Wählhebel-Positionsanzeige
25. Schalter für Handbremskontrolle, Warnkontakt für Bremsflüssigkeitsstand, Geber für	2639
Kühlmittelmangelanzeige, Scheiben-Waschwasserstandsgeber, Schalttafeleinsatz
26. Kontaktschalter für Motorhaube, Schalttafeleinsatz	2640
27. Steckverbindung, 16fach	2641
